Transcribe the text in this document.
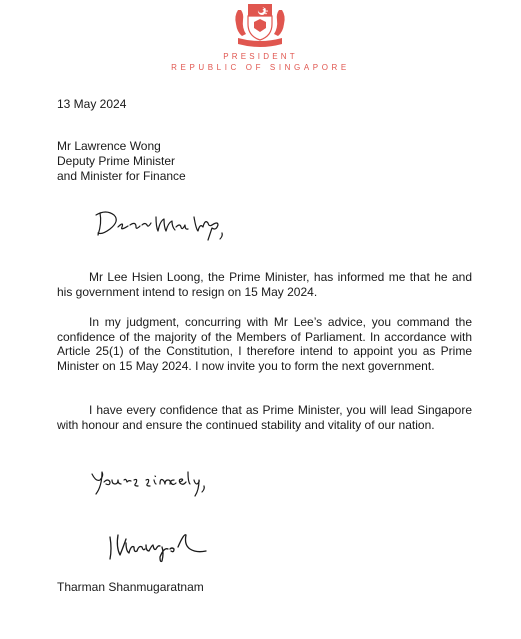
PRESIDENT
REPUBLIC OF SINGAPORE
13 May 2024
Mr Lawrence Wong
Deputy Prime Minister
and Minister for Finance

Mr Lee Hsien Loong, the Prime Minister, has informed me that he and his government intend to resign on 15 May 2024.

In my judgment, concurring with Mr Lee’s advice, you command the confidence of the majority of the Members of Parliament. In accordance with Article 25(1) of the Constitution, I therefore intend to appoint you as Prime Minister on 15 May 2024. I now invite you to form the next government.

I have every confidence that as Prime Minister, you will lead Singapore with honour and ensure the continued stability and vitality of our nation.

Tharman Shanmugaratnam
